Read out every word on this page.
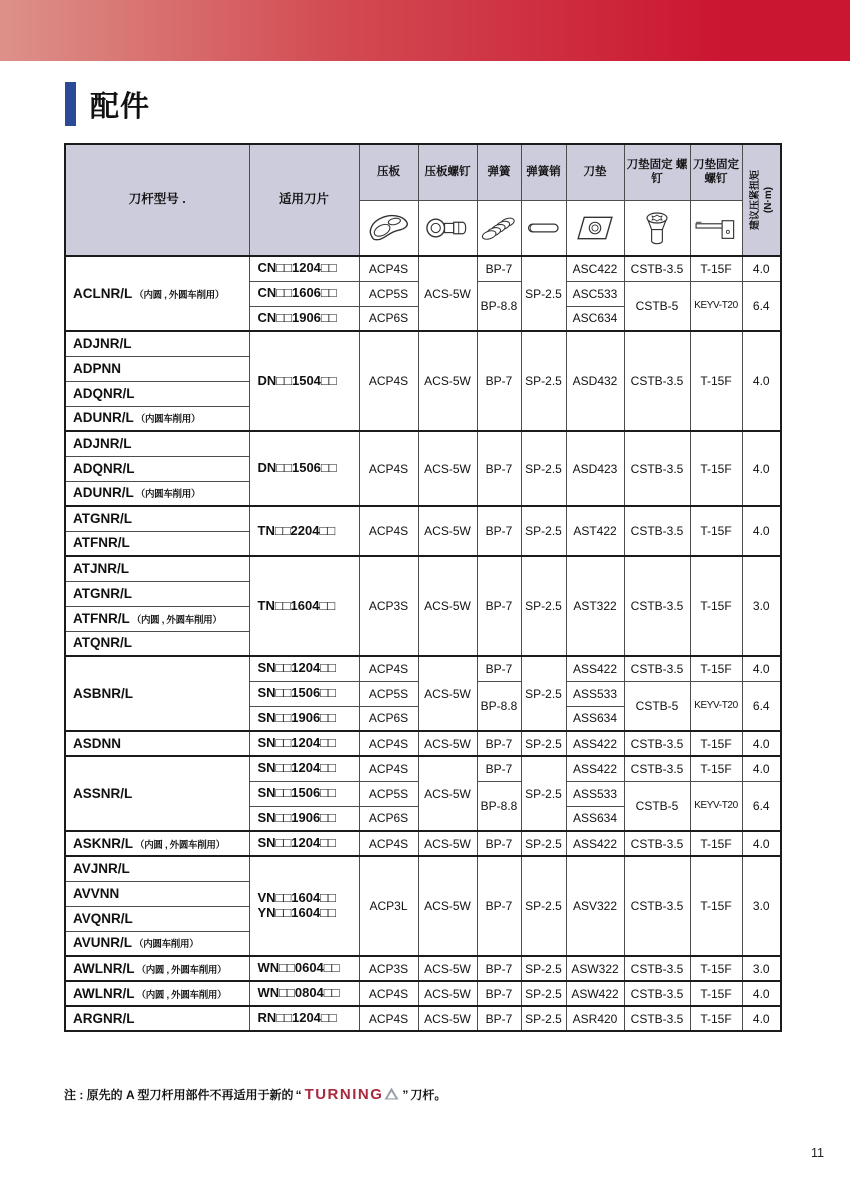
配件
刀杆型号 .	适用刀片	压板	压板螺钉	弹簧	弹簧销	刀垫	刀垫固定 螺钉	刀垫固定 螺钉	建议压紧扭矩 (N·m)

ACLNR/L （内圆 , 外圆车削用）	CN□□1204□□	ACP4S	ACS-5W	BP-7	SP-2.5	ASC422	CSTB-3.5	T-15F	4.0
	CN□□1606□□	ACP5S		BP-8.8		ASC533	CSTB-5	KEYV-T20	6.4
	CN□□1906□□	ACP6S				ASC634			
ADJNR/L	DN□□1504□□	ACP4S	ACS-5W	BP-7	SP-2.5	ASD432	CSTB-3.5	T-15F	4.0
ADPNN									
ADQNR/L									
ADUNR/L （内圆车削用）									
ADJNR/L	DN□□1506□□	ACP4S	ACS-5W	BP-7	SP-2.5	ASD423	CSTB-3.5	T-15F	4.0
ADQNR/L									
ADUNR/L （内圆车削用）									
ATGNR/L	TN□□2204□□	ACP4S	ACS-5W	BP-7	SP-2.5	AST422	CSTB-3.5	T-15F	4.0
ATFNR/L									
ATJNR/L	TN□□1604□□	ACP3S	ACS-5W	BP-7	SP-2.5	AST322	CSTB-3.5	T-15F	3.0
ATGNR/L									
ATFNR/L （内圆 , 外圆车削用）									
ATQNR/L									
ASBNR/L	SN□□1204□□	ACP4S	ACS-5W	BP-7	SP-2.5	ASS422	CSTB-3.5	T-15F	4.0
	SN□□1506□□	ACP5S		BP-8.8		ASS533	CSTB-5	KEYV-T20	6.4
	SN□□1906□□	ACP6S				ASS634			
ASDNN	SN□□1204□□	ACP4S	ACS-5W	BP-7	SP-2.5	ASS422	CSTB-3.5	T-15F	4.0
ASSNR/L	SN□□1204□□	ACP4S	ACS-5W	BP-7	SP-2.5	ASS422	CSTB-3.5	T-15F	4.0
	SN□□1506□□	ACP5S		BP-8.8		ASS533	CSTB-5	KEYV-T20	6.4
	SN□□1906□□	ACP6S				ASS634			
ASKNR/L （内圆 , 外圆车削用）	SN□□1204□□	ACP4S	ACS-5W	BP-7	SP-2.5	ASS422	CSTB-3.5	T-15F	4.0
AVJNR/L	VN□□1604□□
YN□□1604□□	ACP3L	ACS-5W	BP-7	SP-2.5	ASV322	CSTB-3.5	T-15F	3.0
AVVNN									
AVQNR/L									
AVUNR/L （内圆车削用）									
AWLNR/L （内圆 , 外圆车削用）	WN□□0604□□	ACP3S	ACS-5W	BP-7	SP-2.5	ASW322	CSTB-3.5	T-15F	3.0
AWLNR/L （内圆 , 外圆车削用）	WN□□0804□□	ACP4S	ACS-5W	BP-7	SP-2.5	ASW422	CSTB-3.5	T-15F	4.0
ARGNR/L	RN□□1204□□	ACP4S	ACS-5W	BP-7	SP-2.5	ASR420	CSTB-3.5	T-15F	4.0
注 : 原先的 A 型刀杆用部件不再适用于新的 “ TURNING ” 刀杆。
11
